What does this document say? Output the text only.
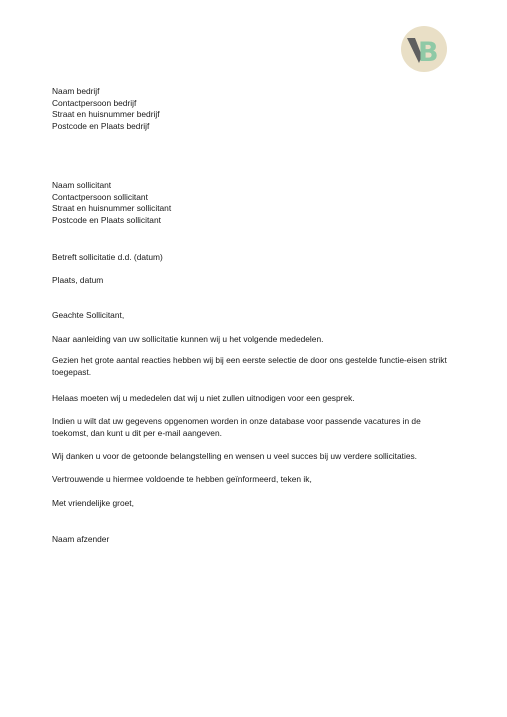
B
Naam bedrijf
Contactpersoon bedrijf
Straat en huisnummer bedrijf
Postcode en Plaats bedrijf
Naam sollicitant
Contactpersoon sollicitant
Straat en huisnummer sollicitant
Postcode en Plaats sollicitant
Betreft sollicitatie d.d. (datum)
Plaats, datum
Geachte Sollicitant,
Naar aanleiding van uw sollicitatie kunnen wij u het volgende mededelen.
Gezien het grote aantal reacties hebben wij bij een eerste selectie de door ons gestelde functie-eisen strikt toegepast.
Helaas moeten wij u mededelen dat wij u niet zullen uitnodigen voor een gesprek.
Indien u wilt dat uw gegevens opgenomen worden in onze database voor passende vacatures in de toekomst, dan kunt u dit per e-mail aangeven.
Wij danken u voor de getoonde belangstelling en wensen u veel succes bij uw verdere sollicitaties.
Vertrouwende u hiermee voldoende te hebben geïnformeerd, teken ik,
Met vriendelijke groet,
Naam afzender
